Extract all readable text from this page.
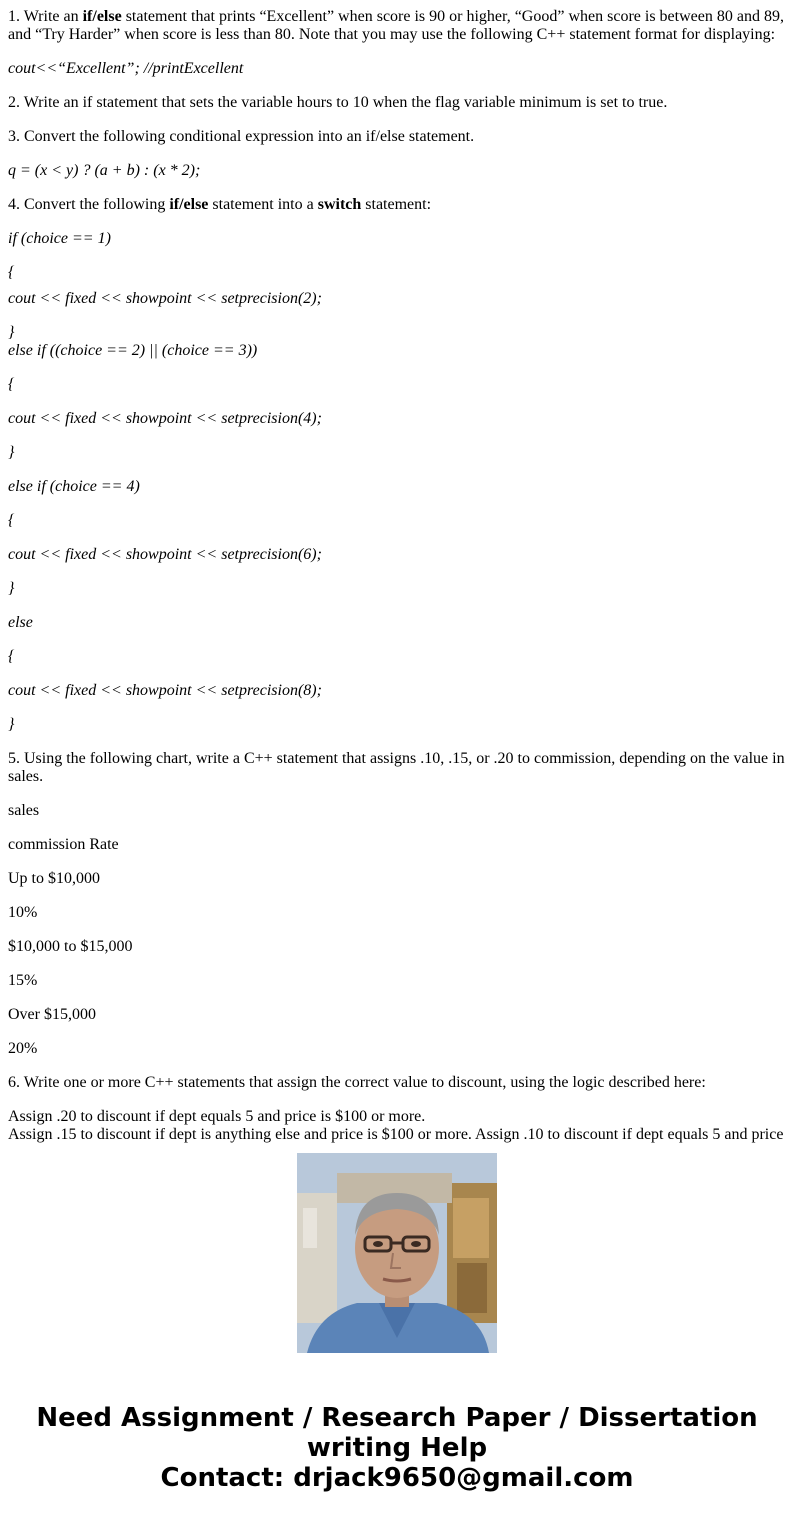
1. Write an if/else statement that prints “Excellent” when score is 90 or higher, “Good” when score is between 80 and 89, and “Try Harder” when score is less than 80. Note that you may use the following C++ statement format for displaying:

cout<<“Excellent”; //printExcellent

2. Write an if statement that sets the variable hours to 10 when the flag variable minimum is set to true.

3. Convert the following conditional expression into an if/else statement.

q = (x < y) ? (a + b) : (x * 2);

4. Convert the following if/else statement into a switch statement:

if (choice == 1)

{

cout << fixed << showpoint << setprecision(2);

}

else if ((choice == 2) || (choice == 3))

{

cout << fixed << showpoint << setprecision(4);

}

else if (choice == 4)

{

cout << fixed << showpoint << setprecision(6);

}

else

{

cout << fixed << showpoint << setprecision(8);

}

5. Using the following chart, write a C++ statement that assigns .10, .15, or .20 to commission, depending on the value in sales.

sales

commission Rate

Up to $10,000

10%

$10,000 to $15,000

15%

Over $15,000

20%

6. Write one or more C++ statements that assign the correct value to discount, using the logic described here:

Assign .20 to discount if dept equals 5 and price is $100 or more.

Assign .15 to discount if dept is anything else and price is $100 or more. Assign .10 to discount if dept equals 5 and price

Need Assignment / Research Paper / Dissertation
writing Help
Contact: drjack9650@gmail.com
